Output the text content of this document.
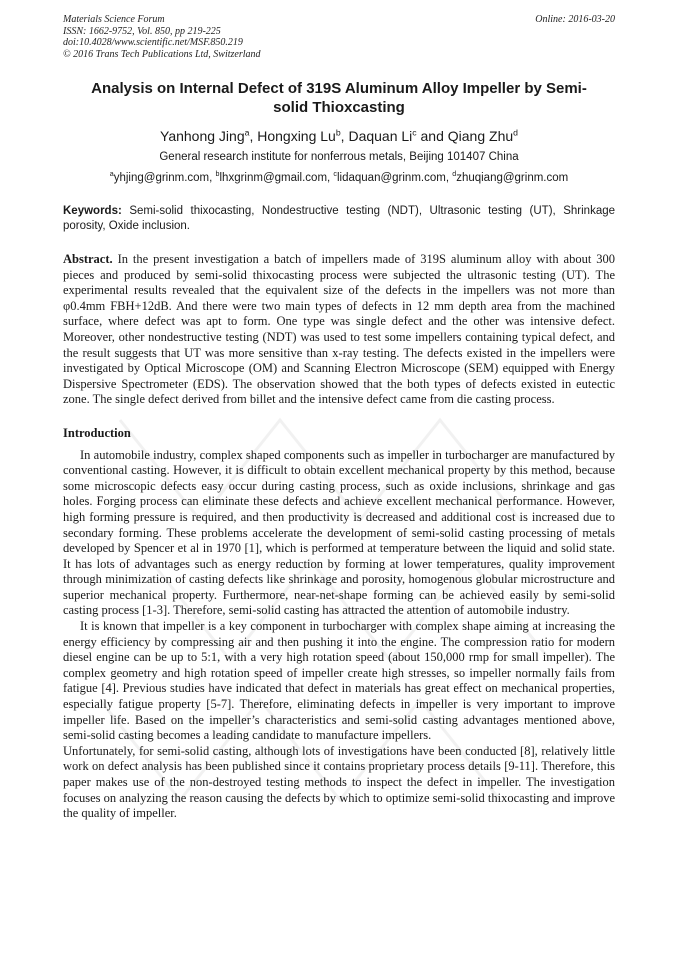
Materials Science Forum
ISSN: 1662-9752, Vol. 850, pp 219-225
doi:10.4028/www.scientific.net/MSF.850.219
© 2016 Trans Tech Publications Ltd, Switzerland
Online: 2016-03-20
Analysis on Internal Defect of 319S Aluminum Alloy Impeller by Semi-solid Thioxcasting
Yanhong Jing$^a$, Hongxing Lu$^b$, Daquan Li$^c$ and Qiang Zhu$^d$
General research institute for nonferrous metals, Beijing 101407 China
$^a$yhjing@grinm.com, $^b$lhxgrinm@gmail.com, $^c$lidaquan@grinm.com, $^d$zhuqiang@grinm.com
Keywords: Semi-solid thixocasting, Nondestructive testing (NDT), Ultrasonic testing (UT), Shrinkage porosity, Oxide inclusion.
Abstract. In the present investigation a batch of impellers made of 319S aluminum alloy with about 300 pieces and produced by semi-solid thixocasting process were subjected the ultrasonic testing (UT). The experimental results revealed that the equivalent size of the defects in the impellers was not more than φ0.4mm FBH+12dB. And there were two main types of defects in 12 mm depth area from the machined surface, where defect was apt to form. One type was single defect and the other was intensive defect. Moreover, other nondestructive testing (NDT) was used to test some impellers containing typical defect, and the result suggests that UT was more sensitive than x-ray testing. The defects existed in the impellers were investigated by Optical Microscope (OM) and Scanning Electron Microscope (SEM) equipped with Energy Dispersive Spectrometer (EDS). The observation showed that the both types of defects existed in eutectic zone. The single defect derived from billet and the intensive defect came from die casting process.
Introduction
In automobile industry, complex shaped components such as impeller in turbocharger are manufactured by conventional casting. However, it is difficult to obtain excellent mechanical property by this method, because some microscopic defects easy occur during casting process, such as oxide inclusions, shrinkage and gas holes. Forging process can eliminate these defects and achieve excellent mechanical performance. However, high forming pressure is required, and then productivity is decreased and additional cost is increased due to secondary forming. These problems accelerate the development of semi-solid casting processing of metals developed by Spencer et al in 1970 [1], which is performed at temperature between the liquid and solid state. It has lots of advantages such as energy reduction by forming at lower temperatures, quality improvement through minimization of casting defects like shrinkage and porosity, homogenous globular microstructure and superior mechanical property. Furthermore, near-net-shape forming can be achieved easily by semi-solid casting process [1-3]. Therefore, semi-solid casting has attracted the attention of automobile industry.
It is known that impeller is a key component in turbocharger with complex shape aiming at increasing the energy efficiency by compressing air and then pushing it into the engine. The compression ratio for modern diesel engine can be up to 5:1, with a very high rotation speed (about 150,000 rmp for small impeller). The complex geometry and high rotation speed of impeller create high stresses, so impeller normally fails from fatigue [4]. Previous studies have indicated that defect in materials has great effect on mechanical properties, especially fatigue property [5-7]. Therefore, eliminating defects in impeller is very important to improve impeller life. Based on the impeller’s characteristics and semi-solid casting advantages mentioned above, semi-solid casting becomes a leading candidate to manufacture impellers.
Unfortunately, for semi-solid casting, although lots of investigations have been conducted [8], relatively little work on defect analysis has been published since it contains proprietary process details [9-11]. Therefore, this paper makes use of the non-destroyed testing methods to inspect the defect in impeller. The investigation focuses on analyzing the reason causing the defects by which to optimize semi-solid thixocasting and improve the quality of impeller.
